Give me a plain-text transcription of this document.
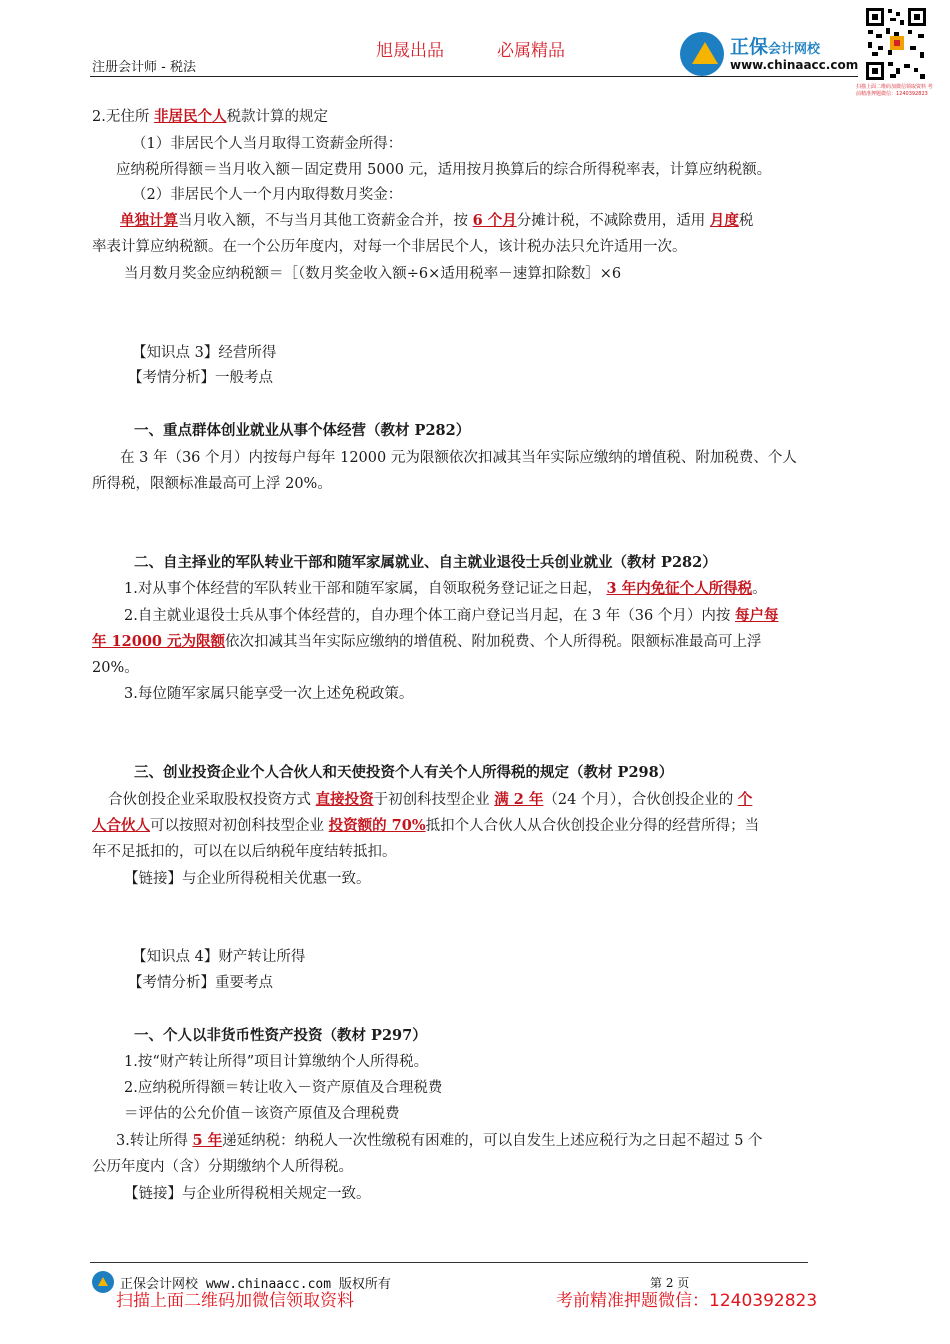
注册会计师 - 税法
旭晟出品	必属精品	正保会计网校
www.chinaacc.com
扫描上面二维码加微信领取资料 考前精准押题微信：1240392823
2.无住所 非居民个人税款计算的规定
（1）非居民个人当月取得工资薪金所得：
应纳税所得额＝当月收入额－固定费用 5000 元，适用按月换算后的综合所得税率表，计算应纳税额。
（2）非居民个人一个月内取得数月奖金：
单独计算当月收入额，不与当月其他工资薪金合并，按 6 个月分摊计税，不减除费用，适用 月度税
率表计算应纳税额。在一个公历年度内，对每一个非居民个人，该计税办法只允许适用一次。
当月数月奖金应纳税额＝［（数月奖金收入额÷6×适用税率－速算扣除数］×6
【知识点 3】经营所得
【考情分析】一般考点
一、重点群体创业就业从事个体经营（教材 P282）
在 3 年（36 个月）内按每户每年 12000 元为限额依次扣减其当年实际应缴纳的增值税、附加税费、个人
所得税，限额标准最高可上浮 20%。
二、自主择业的军队转业干部和随军家属就业、自主就业退役士兵创业就业（教材 P282）
1.对从事个体经营的军队转业干部和随军家属，自领取税务登记证之日起， 3 年内免征个人所得税。
2.自主就业退役士兵从事个体经营的，自办理个体工商户登记当月起，在 3 年（36 个月）内按 每户每
年 12000 元为限额依次扣减其当年实际应缴纳的增值税、附加税费、个人所得税。限额标准最高可上浮
20%。
3.每位随军家属只能享受一次上述免税政策。
三、创业投资企业个人合伙人和天使投资个人有关个人所得税的规定（教材 P298）
合伙创投企业采取股权投资方式 直接投资于初创科技型企业 满 2 年（24 个月），合伙创投企业的 个
人合伙人可以按照对初创科技型企业 投资额的 70%抵扣个人合伙人从合伙创投企业分得的经营所得；当
年不足抵扣的，可以在以后纳税年度结转抵扣。
【链接】与企业所得税相关优惠一致。
【知识点 4】财产转让所得
【考情分析】重要考点
一、个人以非货币性资产投资（教材 P297）
1.按“财产转让所得”项目计算缴纳个人所得税。
2.应纳税所得额＝转让收入－资产原值及合理税费
＝评估的公允价值－该资产原值及合理税费
3.转让所得 5 年递延纳税：纳税人一次性缴税有困难的，可以自发生上述应税行为之日起不超过 5 个
公历年度内（含）分期缴纳个人所得税。
【链接】与企业所得税相关规定一致。
正保会计网校 www.chinaacc.com 版权所有	第 2 页
扫描上面二维码加微信领取资料	考前精准押题微信：1240392823
